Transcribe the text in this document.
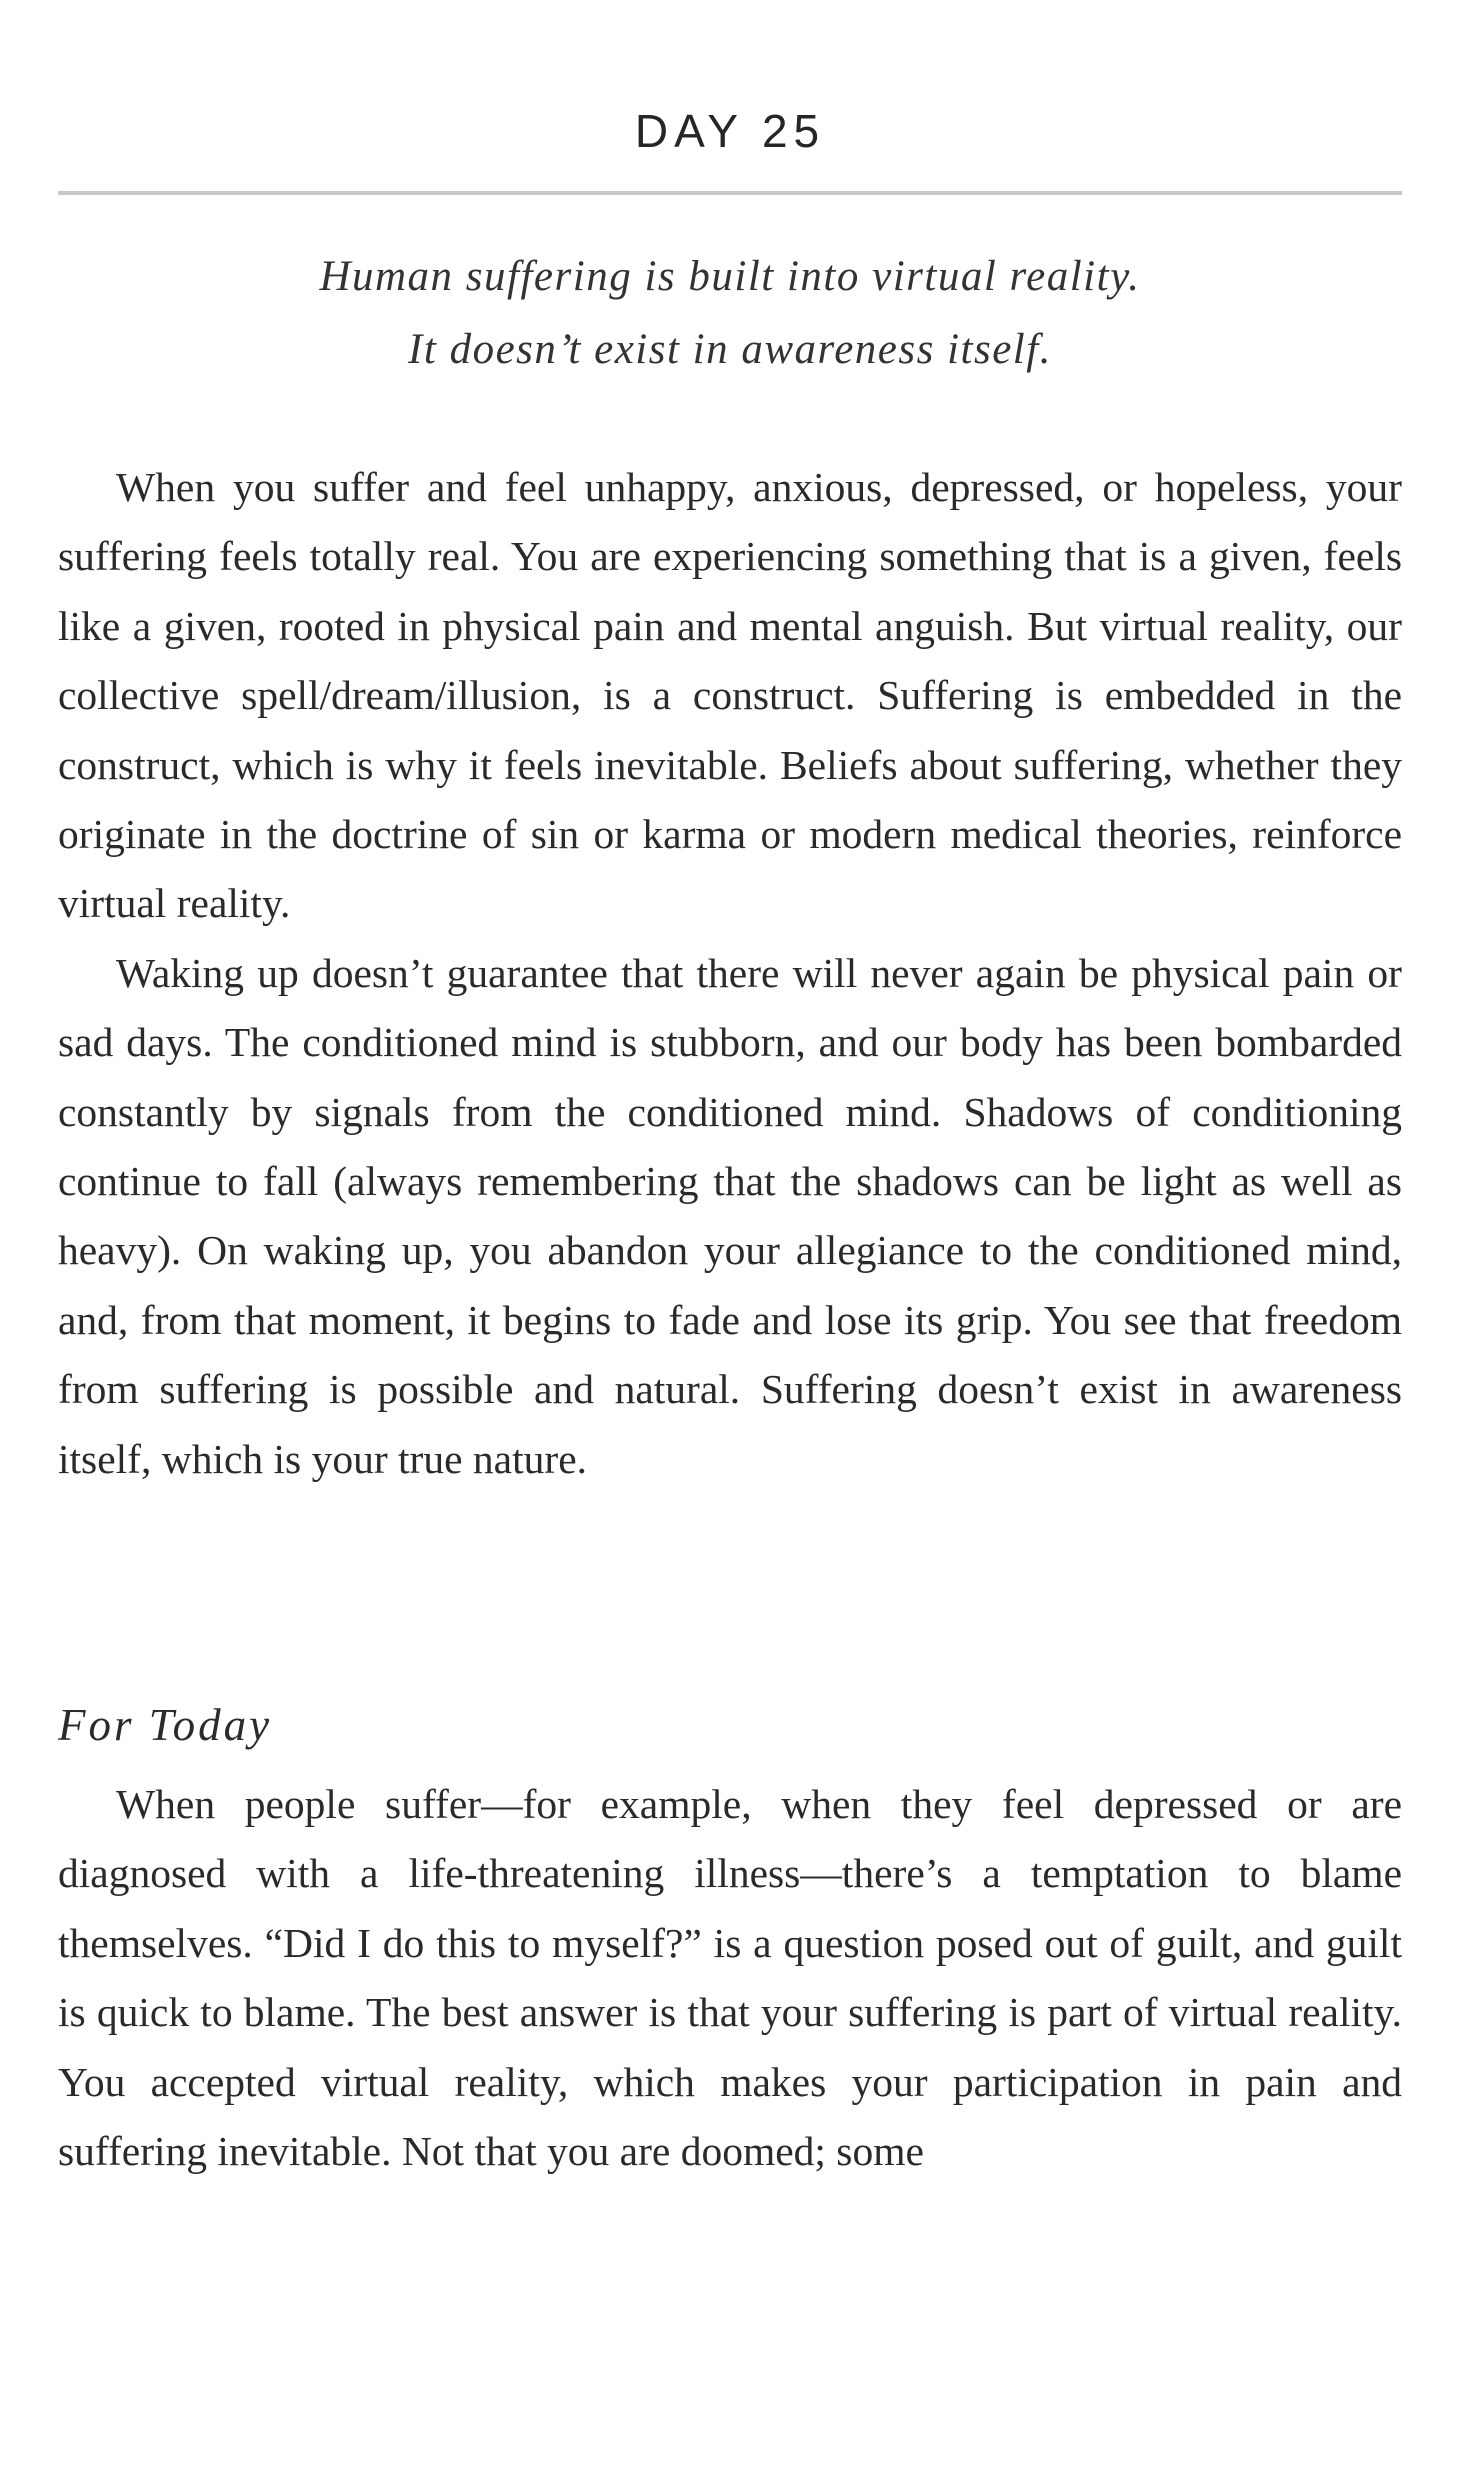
DAY 25
Human suffering is built into virtual reality.
It doesn’t exist in awareness itself.

When you suffer and feel unhappy, anxious, depressed, or hopeless, your suffering feels totally real. You are experiencing something that is a given, feels like a given, rooted in physical pain and mental anguish. But virtual reality, our collective spell/dream/illusion, is a construct. Suffering is embedded in the construct, which is why it feels inevitable. Beliefs about suffering, whether they originate in the doctrine of sin or karma or modern medical theories, reinforce virtual reality.

Waking up doesn’t guarantee that there will never again be physical pain or sad days. The conditioned mind is stubborn, and our body has been bombarded constantly by signals from the conditioned mind. Shadows of conditioning continue to fall (always remembering that the shadows can be light as well as heavy). On waking up, you abandon your allegiance to the conditioned mind, and, from that moment, it begins to fade and lose its grip. You see that freedom from suffering is possible and natural. Suffering doesn’t exist in awareness itself, which is your true nature.

For Today

When people suffer—for example, when they feel depressed or are diagnosed with a life-threatening illness—there’s a temptation to blame themselves. “Did I do this to myself?” is a question posed out of guilt, and guilt is quick to blame. The best answer is that your suffering is part of virtual reality. You accepted virtual reality, which makes your participation in pain and suffering inevitable. Not that you are doomed; some
